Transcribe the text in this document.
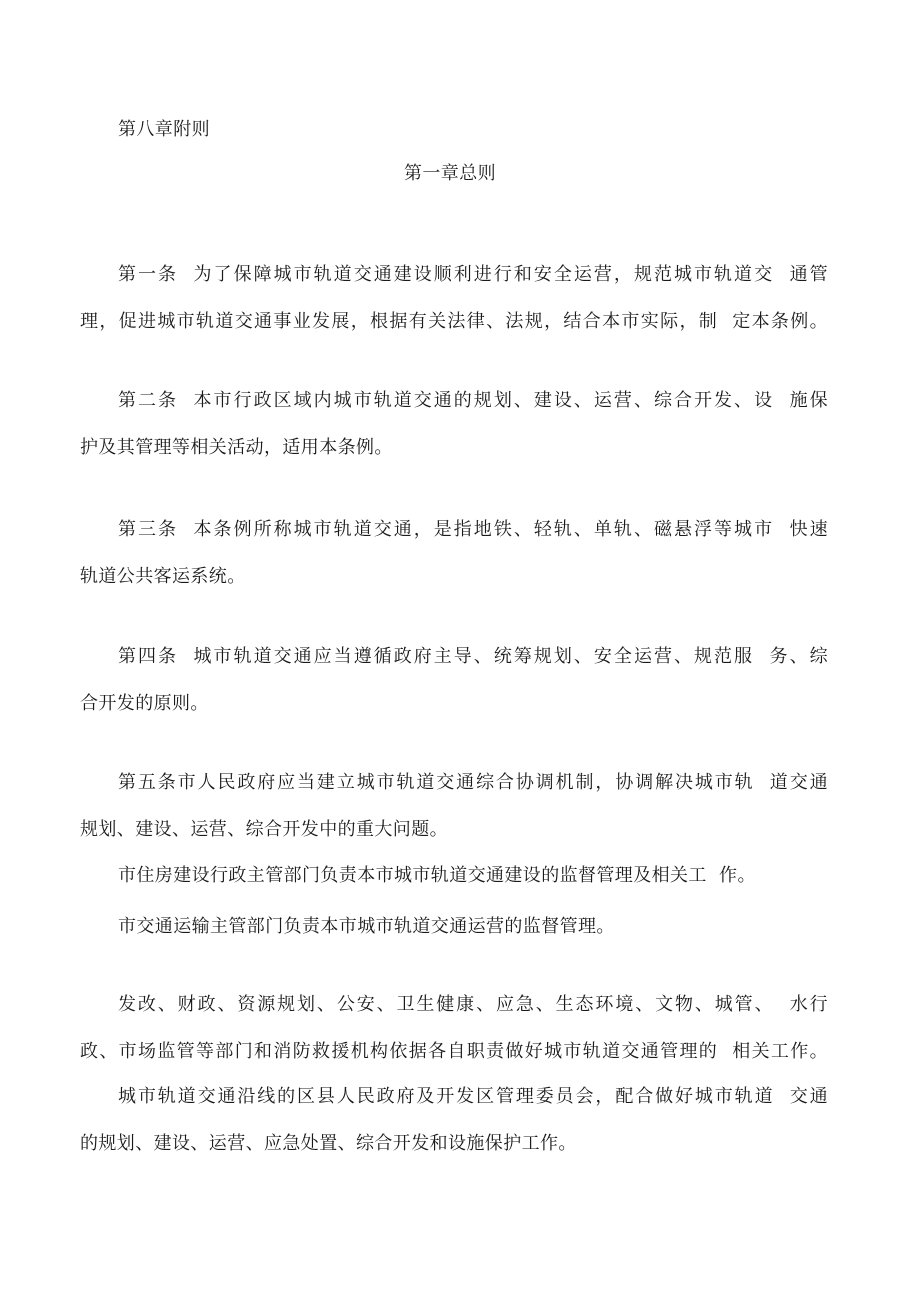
第八章附则
第一章总则
第一条  为了保障城市轨道交通建设顺利进行和安全运营，规范城市轨道交  通管
理，促进城市轨道交通事业发展，根据有关法律、法规，结合本市实际，制  定本条例。
第二条  本市行政区域内城市轨道交通的规划、建设、运营、综合开发、设  施保
护及其管理等相关活动，适用本条例。
第三条  本条例所称城市轨道交通，是指地铁、轻轨、单轨、磁悬浮等城市  快速
轨道公共客运系统。
第四条  城市轨道交通应当遵循政府主导、统筹规划、安全运营、规范服  务、综
合开发的原则。
第五条市人民政府应当建立城市轨道交通综合协调机制，协调解决城市轨  道交通
规划、建设、运营、综合开发中的重大问题。
市住房建设行政主管部门负责本市城市轨道交通建设的监督管理及相关工  作。
市交通运输主管部门负责本市城市轨道交通运营的监督管理。
发改、财政、资源规划、公安、卫生健康、应急、生态环境、文物、城管、  水行
政、市场监管等部门和消防救援机构依据各自职责做好城市轨道交通管理的  相关工作。
城市轨道交通沿线的区县人民政府及开发区管理委员会，配合做好城市轨道  交通
的规划、建设、运营、应急处置、综合开发和设施保护工作。
